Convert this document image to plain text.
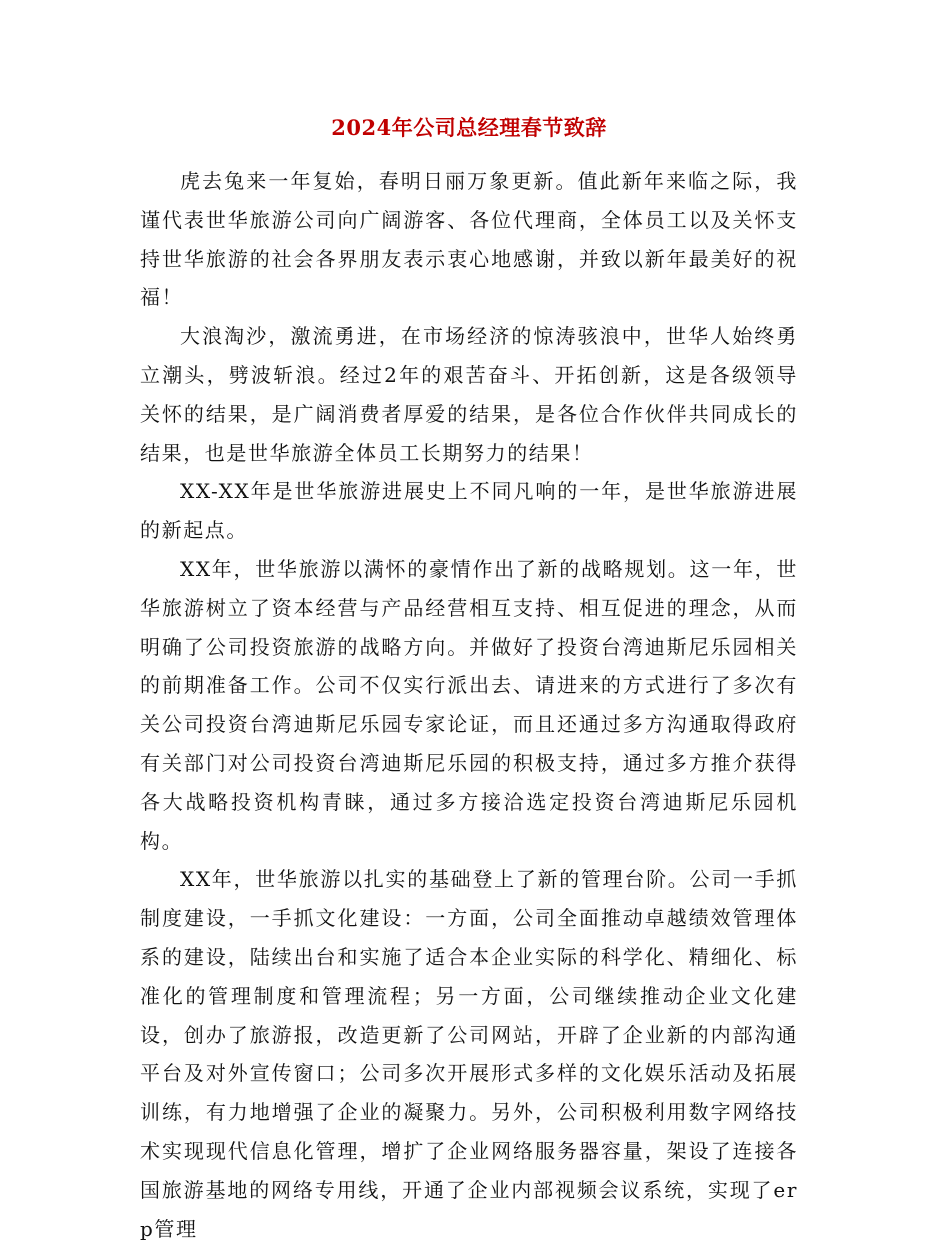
2024年公司总经理春节致辞

虎去兔来一年复始，春明日丽万象更新。值此新年来临之际，我谨代表世华旅游公司向广阔游客、各位代理商，全体员工以及关怀支持世华旅游的社会各界朋友表示衷心地感谢，并致以新年最美好的祝福！

大浪淘沙，激流勇进，在市场经济的惊涛骇浪中，世华人始终勇立潮头，劈波斩浪。经过2年的艰苦奋斗、开拓创新，这是各级领导关怀的结果，是广阔消费者厚爱的结果，是各位合作伙伴共同成长的结果，也是世华旅游全体员工长期努力的结果！

XX-XX年是世华旅游进展史上不同凡响的一年，是世华旅游进展的新起点。

XX年，世华旅游以满怀的豪情作出了新的战略规划。这一年，世华旅游树立了资本经营与产品经营相互支持、相互促进的理念，从而明确了公司投资旅游的战略方向。并做好了投资台湾迪斯尼乐园相关的前期准备工作。公司不仅实行派出去、请进来的方式进行了多次有关公司投资台湾迪斯尼乐园专家论证，而且还通过多方沟通取得政府有关部门对公司投资台湾迪斯尼乐园的积极支持，通过多方推介获得各大战略投资机构青睐，通过多方接洽选定投资台湾迪斯尼乐园机构。

XX年，世华旅游以扎实的基础登上了新的管理台阶。公司一手抓制度建设，一手抓文化建设：一方面，公司全面推动卓越绩效管理体系的建设，陆续出台和实施了适合本企业实际的科学化、精细化、标准化的管理制度和管理流程；另一方面，公司继续推动企业文化建设，创办了旅游报，改造更新了公司网站，开辟了企业新的内部沟通平台及对外宣传窗口；公司多次开展形式多样的文化娱乐活动及拓展训练，有力地增强了企业的凝聚力。另外，公司积极利用数字网络技术实现现代信息化管理，增扩了企业网络服务器容量，架设了连接各国旅游基地的网络专用线，开通了企业内部视频会议系统，实现了erp管理
